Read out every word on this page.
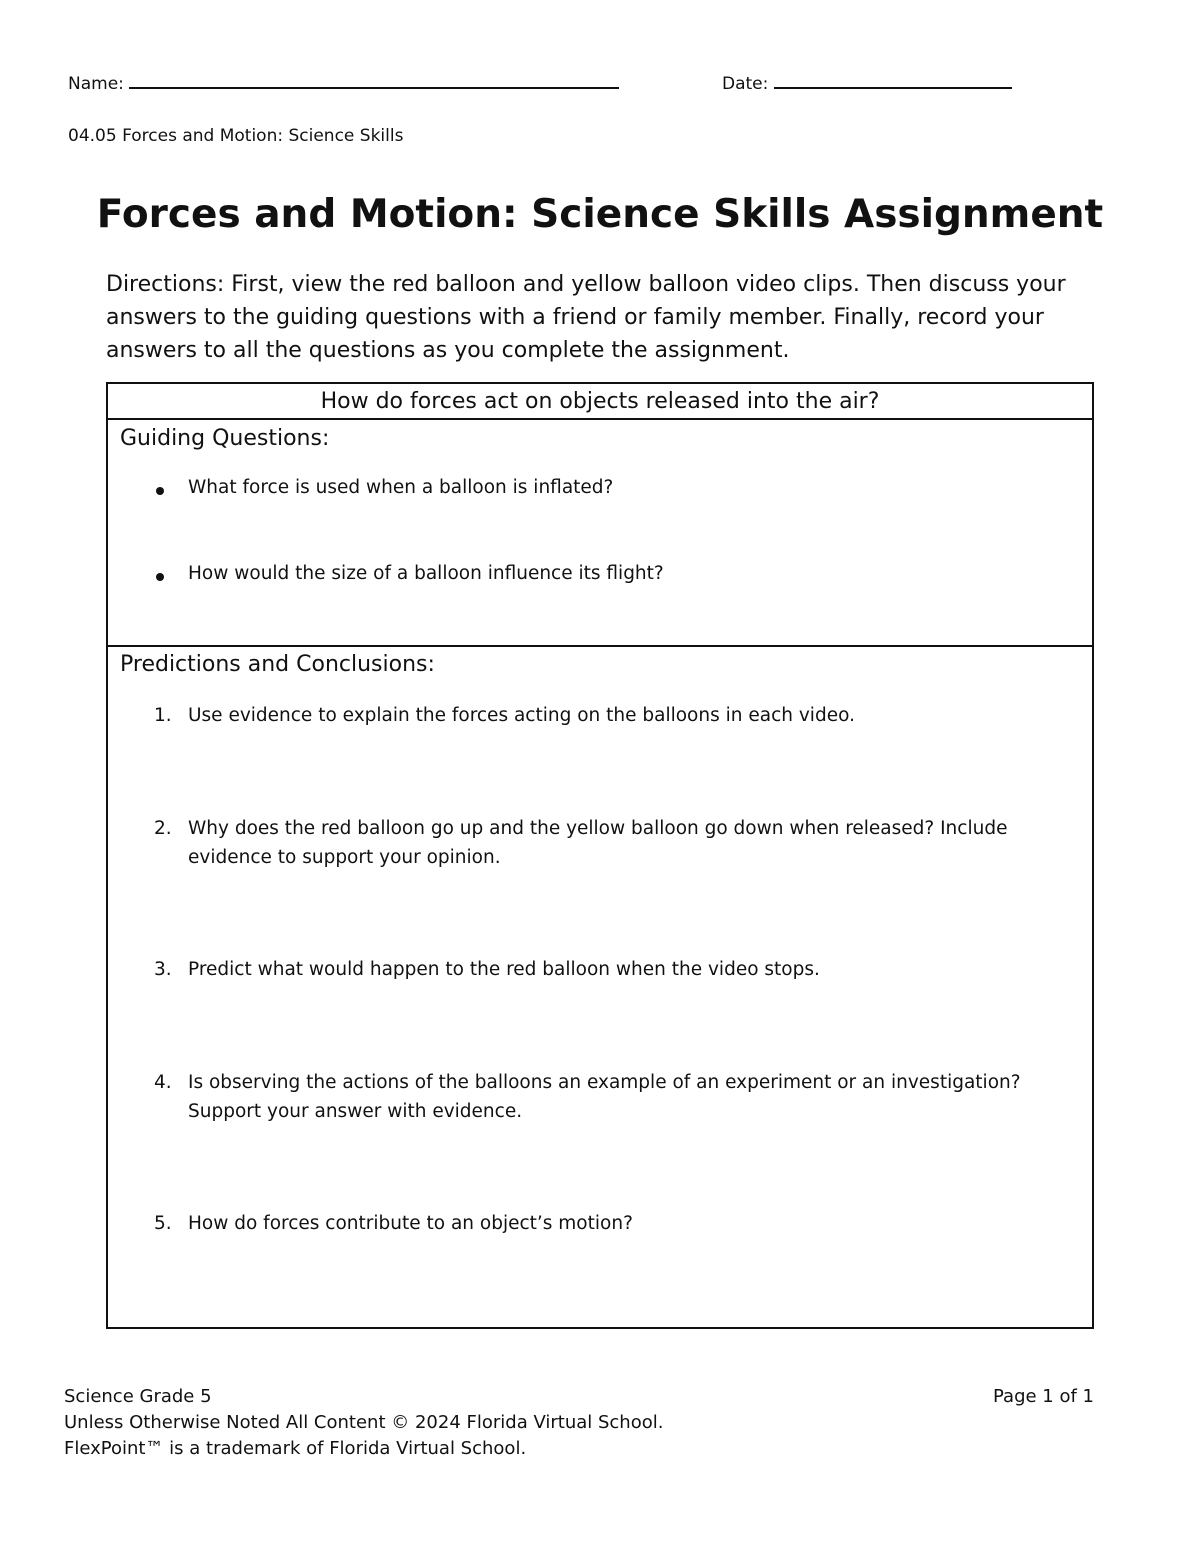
Name:	Date:
04.05 Forces and Motion: Science Skills
Forces and Motion: Science Skills Assignment
Directions: First, view the red balloon and yellow balloon video clips. Then discuss your answers to the guiding questions with a friend or family member. Finally, record your answers to all the questions as you complete the assignment.
How do forces act on objects released into the air?
Guiding Questions:
What force is used when a balloon is inflated?
How would the size of a balloon influence its flight?
Predictions and Conclusions:
1. Use evidence to explain the forces acting on the balloons in each video.
2. Why does the red balloon go up and the yellow balloon go down when released? Include evidence to support your opinion.
3. Predict what would happen to the red balloon when the video stops.
4. Is observing the actions of the balloons an example of an experiment or an investigation? Support your answer with evidence.
5. How do forces contribute to an object’s motion?
Science Grade 5
Unless Otherwise Noted All Content © 2024 Florida Virtual School.
FlexPoint™ is a trademark of Florida Virtual School.
Page 1 of 1
